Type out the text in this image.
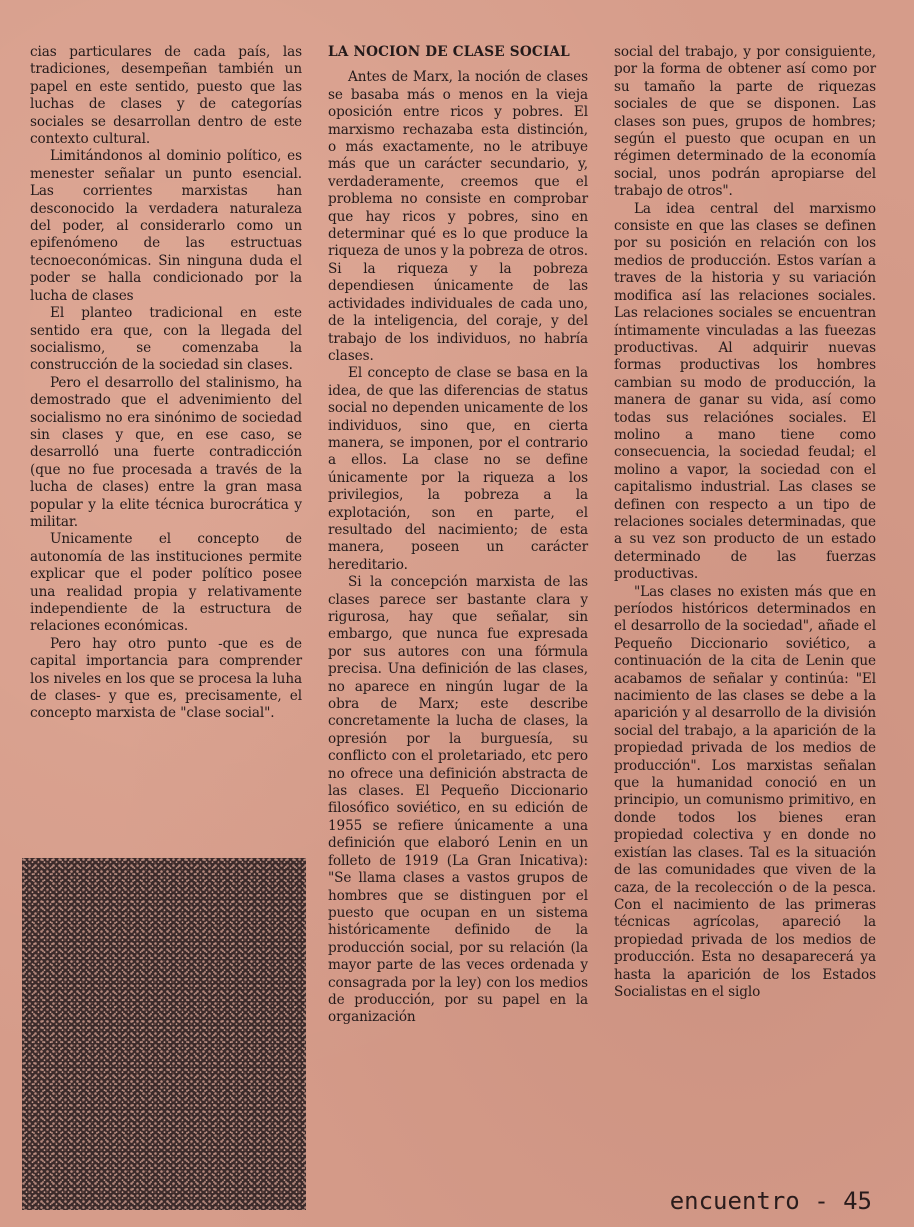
cias particulares de cada país, las tradiciones, desempeñan también un papel en este sentido, puesto que las luchas de clases y de categorías sociales se desarrollan dentro de este contexto cultural.

Limitándonos al dominio político, es menester señalar un punto esencial. Las corrientes marxistas han desconocido la verdadera naturaleza del poder, al considerarlo como un epifenómeno de las estructuas tecnoeconómicas. Sin ninguna duda el poder se halla condicionado por la lucha de clases

El planteo tradicional en este sentido era que, con la llegada del socialismo, se comenzaba la construcción de la sociedad sin clases.

Pero el desarrollo del stalinismo, ha demostrado que el advenimiento del socialismo no era sinónimo de sociedad sin clases y que, en ese caso, se desarrolló una fuerte contradicción (que no fue procesada a través de la lucha de clases) entre la gran masa popular y la elite técnica burocrática y militar.

Unicamente el concepto de autonomía de las instituciones permite explicar que el poder político posee una realidad propia y relativamente independiente de la estructura de relaciones económicas.

Pero hay otro punto -que es de capital importancia para comprender los niveles en los que se procesa la luha de clases- y que es, precisamente, el concepto marxista de "clase social".

LA NOCION DE CLASE SOCIAL

Antes de Marx, la noción de clases se basaba más o menos en la vieja oposición entre ricos y pobres. El marxismo rechazaba esta distinción, o más exactamente, no le atribuye más que un carácter secundario, y, verdaderamente, creemos que el problema no consiste en comprobar que hay ricos y pobres, sino en determinar qué es lo que produce la riqueza de unos y la pobreza de otros. Si la riqueza y la pobreza dependiesen únicamente de las actividades individuales de cada uno, de la inteligencia, del coraje, y del trabajo de los individuos, no habría clases.

El concepto de clase se basa en la idea, de que las diferencias de status social no dependen unicamente de los individuos, sino que, en cierta manera, se imponen, por el contrario a ellos. La clase no se define únicamente por la riqueza a los privilegios, la pobreza a la explotación, son en parte, el resultado del nacimiento; de esta manera, poseen un carácter hereditario.

Si la concepción marxista de las clases parece ser bastante clara y rigurosa, hay que señalar, sin embargo, que nunca fue expresada por sus autores con una fórmula precisa. Una definición de las clases, no aparece en ningún lugar de la obra de Marx; este describe concretamente la lucha de clases, la opresión por la burguesía, su conflicto con el proletariado, etc pero no ofrece una definición abstracta de las clases. El Pequeño Diccionario filosófico soviético, en su edición de 1955 se refiere únicamente a una definición que elaboró Lenin en un folleto de 1919 (La Gran Inicativa): "Se llama clases a vastos grupos de hombres que se distinguen por el puesto que ocupan en un sistema históricamente definido de la producción social, por su relación (la mayor parte de las veces ordenada y consagrada por la ley) con los medios de producción, por su papel en la organización

social del trabajo, y por consiguiente, por la forma de obtener así como por su tamaño la parte de riquezas sociales de que se disponen. Las clases son pues, grupos de hombres; según el puesto que ocupan en un régimen determinado de la economía social, unos podrán apropiarse del trabajo de otros".

La idea central del marxismo consiste en que las clases se definen por su posición en relación con los medios de producción. Estos varían a traves de la historia y su variación modifica así las relaciones sociales. Las relaciones sociales se encuentran íntimamente vinculadas a las fueezas productivas. Al adquirir nuevas formas productivas los hombres cambian su modo de producción, la manera de ganar su vida, así como todas sus relaciónes sociales. El molino a mano tiene como consecuencia, la sociedad feudal; el molino a vapor, la sociedad con el capitalismo industrial. Las clases se definen con respecto a un tipo de relaciones sociales determinadas, que a su vez son producto de un estado determinado de las fuerzas productivas.

"Las clases no existen más que en períodos históricos determinados en el desarrollo de la sociedad", añade el Pequeño Diccionario soviético, a continuación de la cita de Lenin que acabamos de señalar y continúa: "El nacimiento de las clases se debe a la aparición y al desarrollo de la división social del trabajo, a la aparición de la propiedad privada de los medios de producción". Los marxistas señalan que la humanidad conoció en un principio, un comunismo primitivo, en donde todos los bienes eran propiedad colectiva y en donde no existían las clases. Tal es la situación de las comunidades que viven de la caza, de la recolección o de la pesca. Con el nacimiento de las primeras técnicas agrícolas, apareció la propiedad privada de los medios de producción. Esta no desaparecerá ya hasta la aparición de los Estados Socialistas en el siglo

encuentro - 45
